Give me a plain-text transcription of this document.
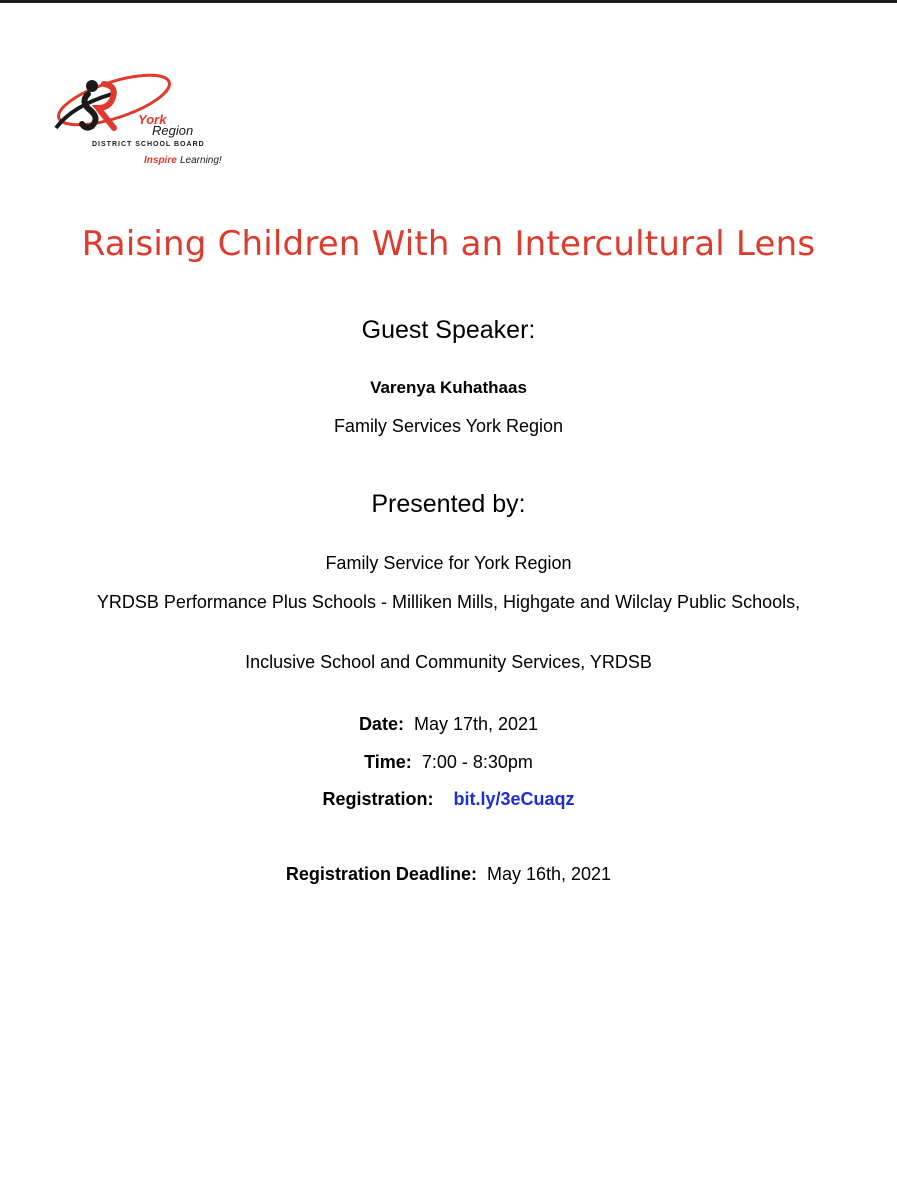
York
Region
DISTRICT SCHOOL BOARD
Inspire Learning!
Raising Children With an Intercultural Lens
Guest Speaker:
Varenya Kuhathaas
Family Services York Region
Presented by:
Family Service for York Region
YRDSB Performance Plus Schools - Milliken Mills, Highgate and Wilclay Public Schools,
Inclusive School and Community Services, YRDSB
Date: May 17th, 2021
Time: 7:00 - 8:30pm
Registration: bit.ly/3eCuaqz
Registration Deadline: May 16th, 2021
